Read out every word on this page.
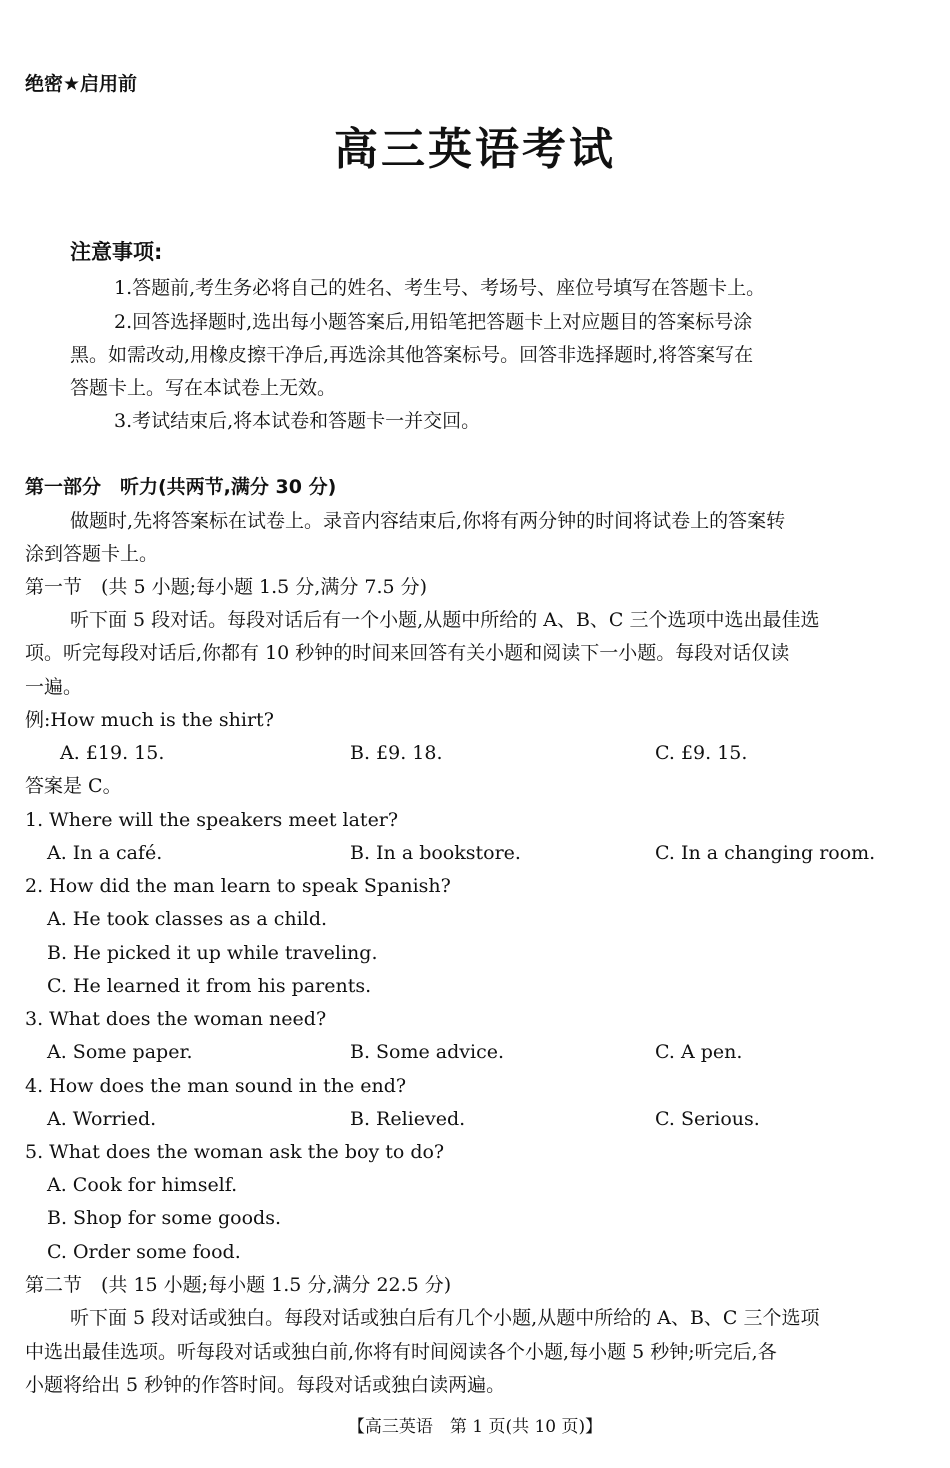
绝密★启用前
高三英语考试
注意事项:
1.答题前,考生务必将自己的姓名、考生号、考场号、座位号填写在答题卡上。
2.回答选择题时,选出每小题答案后,用铅笔把答题卡上对应题目的答案标号涂
黑。如需改动,用橡皮擦干净后,再选涂其他答案标号。回答非选择题时,将答案写在
答题卡上。写在本试卷上无效。
3.考试结束后,将本试卷和答题卡一并交回。
第一部分　听力(共两节,满分 30 分)
做题时,先将答案标在试卷上。录音内容结束后,你将有两分钟的时间将试卷上的答案转
涂到答题卡上。
第一节　(共 5 小题;每小题 1.5 分,满分 7.5 分)
听下面 5 段对话。每段对话后有一个小题,从题中所给的 A、B、C 三个选项中选出最佳选
项。听完每段对话后,你都有 10 秒钟的时间来回答有关小题和阅读下一小题。每段对话仅读
一遍。
例:How much is the shirt?
A. £19. 15.	B. £9. 18.	C. £9. 15.
答案是 C。
1. Where will the speakers meet later?
A. In a café.	B. In a bookstore.	C. In a changing room.
2. How did the man learn to speak Spanish?
A. He took classes as a child.
B. He picked it up while traveling.
C. He learned it from his parents.
3. What does the woman need?
A. Some paper.	B. Some advice.	C. A pen.
4. How does the man sound in the end?
A. Worried.	B. Relieved.	C. Serious.
5. What does the woman ask the boy to do?
A. Cook for himself.
B. Shop for some goods.
C. Order some food.
第二节　(共 15 小题;每小题 1.5 分,满分 22.5 分)
听下面 5 段对话或独白。每段对话或独白后有几个小题,从题中所给的 A、B、C 三个选项
中选出最佳选项。听每段对话或独白前,你将有时间阅读各个小题,每小题 5 秒钟;听完后,各
小题将给出 5 秒钟的作答时间。每段对话或独白读两遍。
【高三英语　第 1 页(共 10 页)】
